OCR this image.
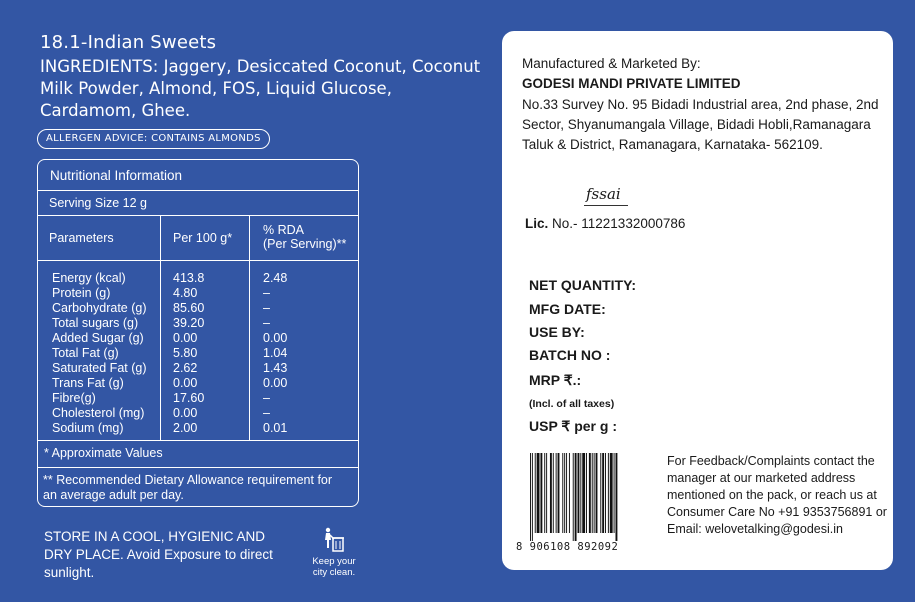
18.1-Indian Sweets
INGREDIENTS: Jaggery, Desiccated Coconut, Coconut Milk Powder, Almond, FOS, Liquid Glucose, Cardamom, Ghee.
ALLERGEN ADVICE: CONTAINS ALMONDS
Nutritional Information
Serving Size 12 g
Parameters	Per 100 g*
% RDA
(Per Serving)**
Energy (kcal)
Protein (g)
Carbohydrate (g)
Total sugars (g)
Added Sugar (g)
Total Fat (g)
Saturated Fat (g)
Trans Fat (g)
Fibre(g)
Cholesterol (mg)
Sodium (mg)
413.8
4.80
85.60
39.20
0.00
5.80
2.62
0.00
17.60
0.00
2.00
2.48
–
–
–
0.00
1.04
1.43
0.00
–
–
0.01
* Approximate Values
** Recommended Dietary Allowance requirement for
an average adult per day.
STORE IN A COOL, HYGIENIC AND DRY PLACE. Avoid Exposure to direct sunlight.
Keep your city clean.
Manufactured & Marketed By:
GODESI MANDI PRIVATE LIMITED
No.33 Survey No. 95 Bidadi Industrial area, 2nd phase, 2nd Sector, Shyanumangala Village, Bidadi Hobli,Ramanagara Taluk & District, Ramanagara, Karnataka- 562109.
fssai
Lic. No.- 11221332000786
NET QUANTITY:
MFG DATE:
USE BY:
BATCH NO :
MRP ₹.:
(Incl. of all taxes)
USP ₹ per g :
8 906108 892092
For Feedback/Complaints contact the manager at our marketed address mentioned on the pack, or reach us at Consumer Care No +91 9353756891 or Email: welovetalking@godesi.in
